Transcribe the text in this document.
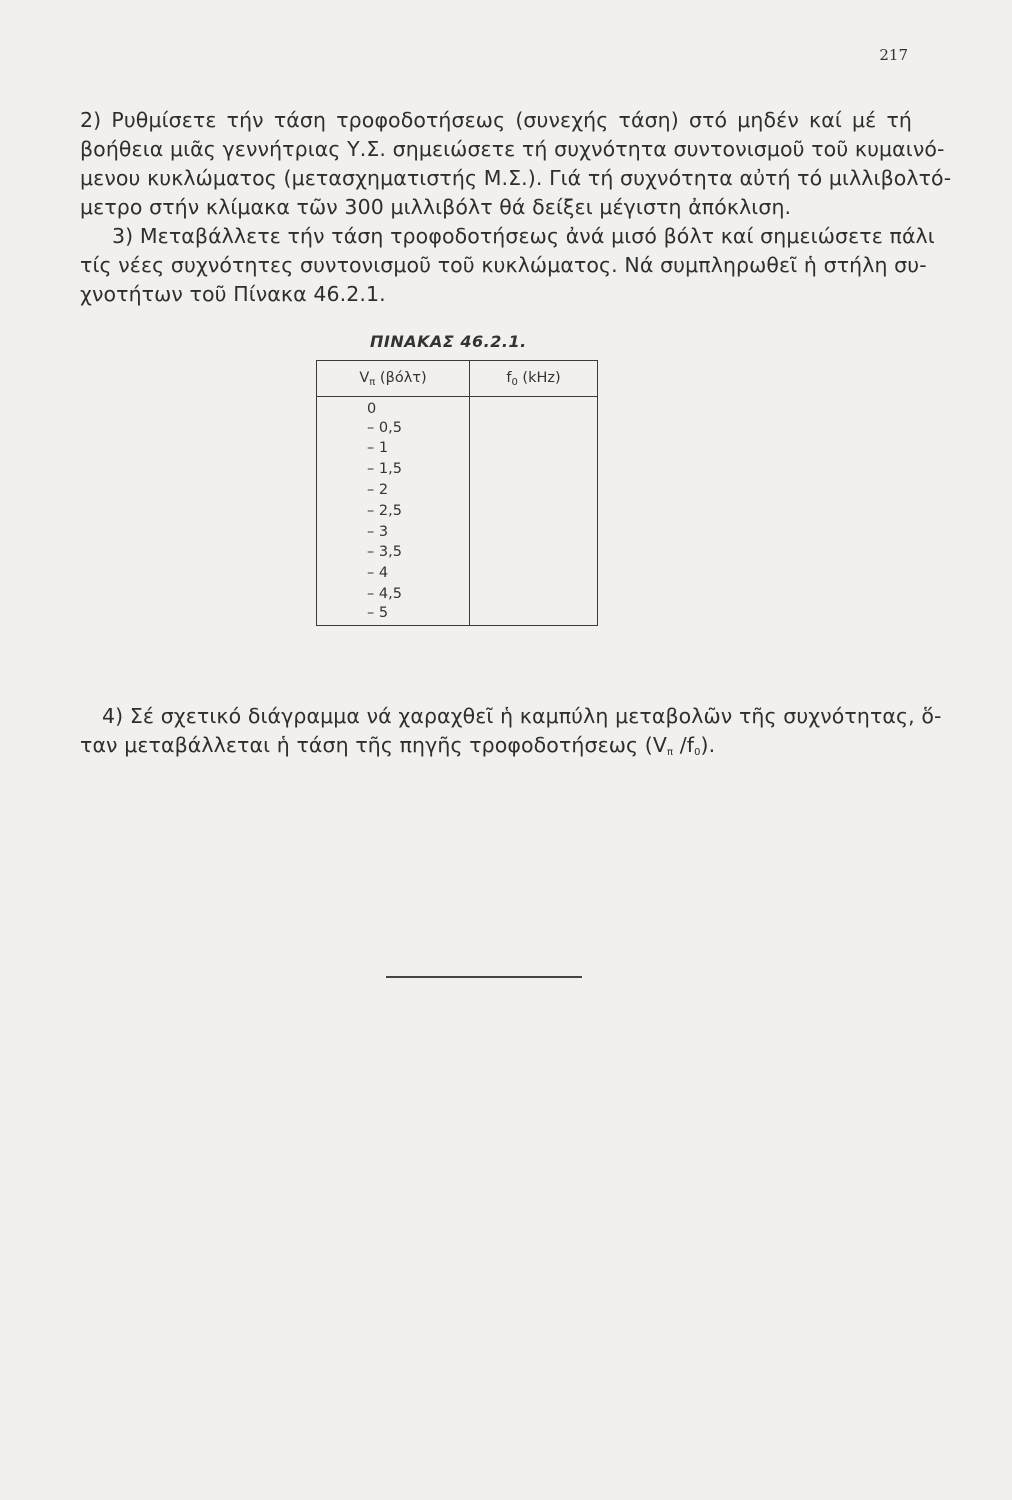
217
2) Ρυθμίσετε τήν τάση τροφοδοτήσεως (συνεχής τάση) στό μηδέν καί μέ τή
βοήθεια μιᾶς γεννήτριας Υ.Σ. σημειώσετε τή συχνότητα συντονισμοῦ τοῦ κυμαινό-
μενου κυκλώματος (μετασχηματιστής Μ.Σ.). Γιά τή συχνότητα αὐτή τό μιλλιβολτό-
μετρο στήν κλίμακα τῶν 300 μιλλιβόλτ θά δείξει μέγιστη ἀπόκλιση.
3) Μεταβάλλετε τήν τάση τροφοδοτήσεως ἀνά μισό βόλτ καί σημειώσετε πάλι
τίς νέες συχνότητες συντονισμοῦ τοῦ κυκλώματος. Νά συμπληρωθεῖ ἡ στήλη συ-
χνοτήτων τοῦ Πίνακα 46.2.1.
ΠΙΝΑΚΑΣ 46.2.1.
$V_\pi$ (βόλτ)	$f_0$ (kHz)
0	
– 0,5	
– 1	
– 1,5	
– 2	
– 2,5	
– 3	
– 3,5	
– 4	
– 4,5	
– 5	
4) Σέ σχετικό διάγραμμα νά χαραχθεῖ ἡ καμπύλη μεταβολῶν τῆς συχνότητας, ὅ-
ταν μεταβάλλεται ἡ τάση τῆς πηγῆς τροφοδοτήσεως ($V_\pi$ $/f_0$).
